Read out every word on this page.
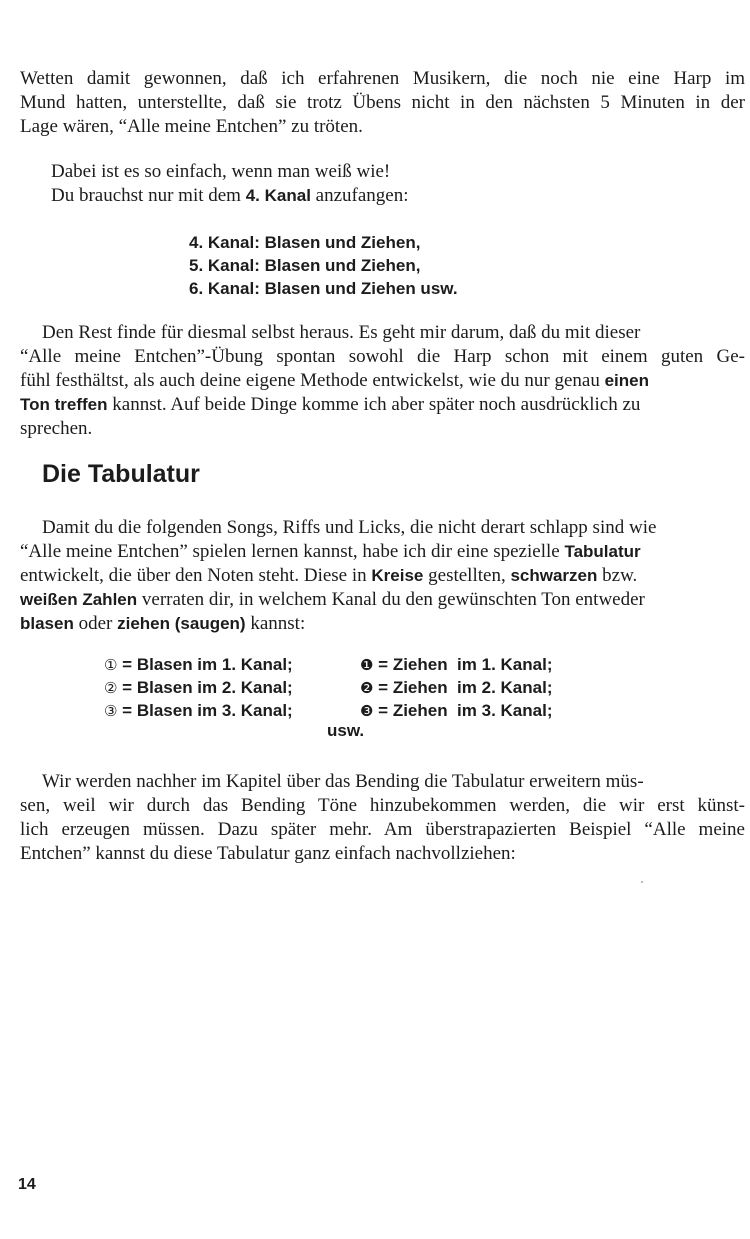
Wetten damit gewonnen, daß ich erfahrenen Musikern, die noch nie eine Harp im
Mund hatten, unterstellte, daß sie trotz Übens nicht in den nächsten 5 Minuten in der
Lage wären, “Alle meine Entchen” zu tröten.
Dabei ist es so einfach, wenn man weiß wie!
Du brauchst nur mit dem 4. Kanal anzufangen:
4. Kanal: Blasen und Ziehen,
5. Kanal: Blasen und Ziehen,
6. Kanal: Blasen und Ziehen usw.
Den Rest finde für diesmal selbst heraus. Es geht mir darum, daß du mit dieser
“Alle meine Entchen”-Übung spontan sowohl die Harp schon mit einem guten Ge-
fühl festhältst, als auch deine eigene Methode entwickelst, wie du nur genau einen
Ton treffen kannst. Auf beide Dinge komme ich aber später noch ausdrücklich zu
sprechen.
Die Tabulatur
Damit du die folgenden Songs, Riffs und Licks, die nicht derart schlapp sind wie
“Alle meine Entchen” spielen lernen kannst, habe ich dir eine spezielle Tabulatur
entwickelt, die über den Noten steht. Diese in Kreise gestellten, schwarzen bzw.
weißen Zahlen verraten dir, in welchem Kanal du den gewünschten Ton entweder
blasen oder ziehen (saugen) kannst:
① = Blasen im 1. Kanal;	❶ = Ziehen  im 1. Kanal;
② = Blasen im 2. Kanal;	❷ = Ziehen  im 2. Kanal;
③ = Blasen im 3. Kanal;	❸ = Ziehen  im 3. Kanal;
usw.
Wir werden nachher im Kapitel über das Bending die Tabulatur erweitern müs-
sen, weil wir durch das Bending Töne hinzubekommen werden, die wir erst künst-
lich erzeugen müssen. Dazu später mehr. Am überstrapazierten Beispiel “Alle meine
Entchen” kannst du diese Tabulatur ganz einfach nachvollziehen:
14
